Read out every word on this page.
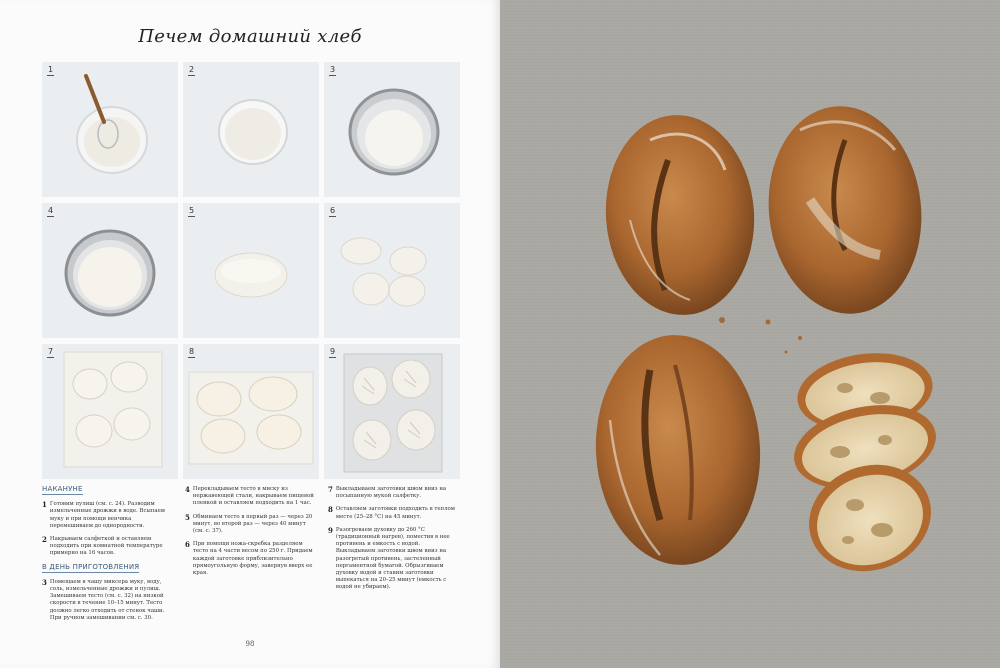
Печем домашний хлеб
1	2	3
4	5	6
7	8	9
НАКАНУНЕ
1 Готовим пулиш (см. с. 24). Разводим измельченные дрожжи в воде. Всыпаем муку и при помощи венчика перемешиваем до однородности.
2 Накрываем салфеткой и оставляем подходить при комнатной температуре примерно на 16 часов.
В ДЕНЬ ПРИГОТОВЛЕНИЯ
3 Помещаем в чашу миксера муку, воду, соль, измельченные дрожжи и пулиш. Замешиваем тесто (см. с. 32) на низкой скорости в течение 10–15 минут. Тесто должно легко отходить от стенок чаши. При ручном замешивании см. с. 30.
4 Перекладываем тесто в миску из нержавеющей стали, накрываем пищевой пленкой и оставляем подходить на 1 час.
5 Обминаем тесто в первый раз — через 20 минут, во второй раз — через 40 минут (см. с. 37).
6 При помощи ножа-скребка разделяем тесто на 4 части весом по 250 г. Придаем каждой заготовке приблизительно прямоугольную форму, завернув вверх ее края.
7 Выкладываем заготовки швом вниз на посыпанную мукой салфетку.
8 Оставляем заготовки подходить в теплом месте (25–28 °С) на 45 минут.
9 Разогреваем духовку до 260 °С (традиционный нагрев), поместив в нее противень и емкость с водой. Выкладываем заготовки швом вниз на разогретый противень, застеленный пергаментной бумагой. Обрызгиваем духовку водой и ставим заготовки выпекаться на 20–25 минут (емкость с водой не убираем).
98
